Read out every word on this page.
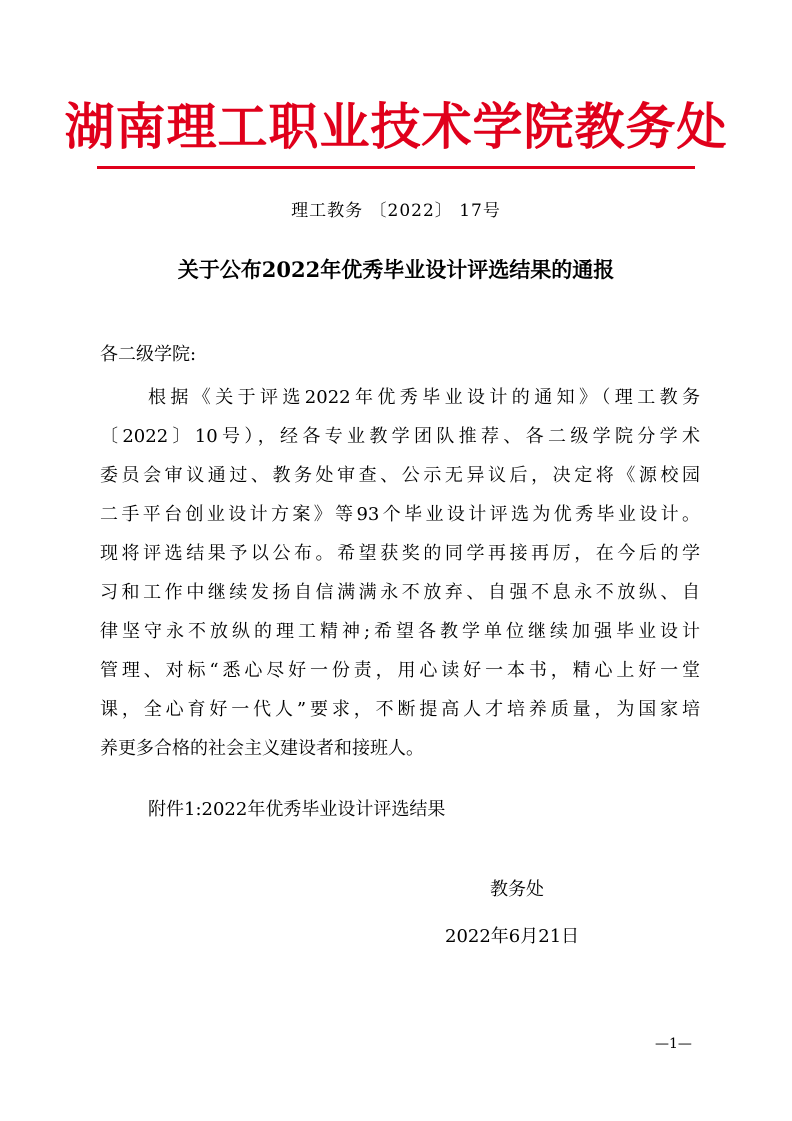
湖南理工职业技术学院教务处
理工教务 〔2022〕 17号
关于公布2022年优秀毕业设计评选结果的通报
各二级学院:
根据《关于评选2022年优秀毕业设计的通知》（理工教务
〔2022〕10号），经各专业教学团队推荐、各二级学院分学术
委员会审议通过、教务处审查、公示无异议后，决定将《源校园
二手平台创业设计方案》等93个毕业设计评选为优秀毕业设计。
现将评选结果予以公布。希望获奖的同学再接再厉，在今后的学
习和工作中继续发扬自信满满永不放弃、自强不息永不放纵、自
律坚守永不放纵的理工精神;希望各教学单位继续加强毕业设计
管理、对标“悉心尽好一份责，用心读好一本书，精心上好一堂
课，全心育好一代人”要求，不断提高人才培养质量，为国家培
养更多合格的社会主义建设者和接班人。
附件1:2022年优秀毕业设计评选结果
教务处
2022年6月21日
—1—
